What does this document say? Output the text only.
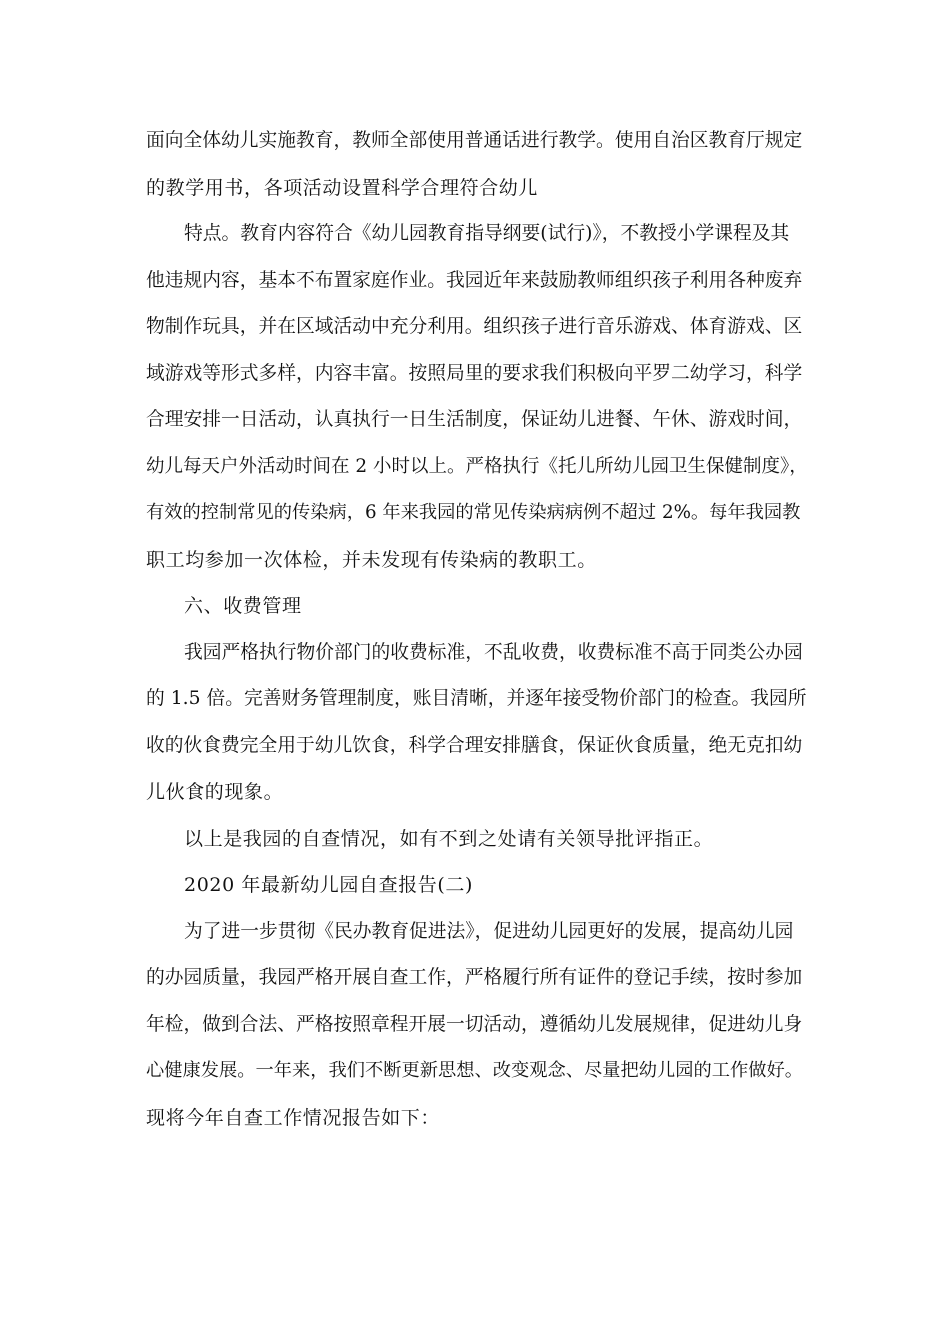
面向全体幼儿实施教育，教师全部使用普通话进行教学。使用自治区教育厅规定
的教学用书，各项活动设置科学合理符合幼儿
特点。教育内容符合《幼儿园教育指导纲要(试行)》，不教授小学课程及其
他违规内容，基本不布置家庭作业。我园近年来鼓励教师组织孩子利用各种废弃
物制作玩具，并在区域活动中充分利用。组织孩子进行音乐游戏、体育游戏、区
域游戏等形式多样，内容丰富。按照局里的要求我们积极向平罗二幼学习，科学
合理安排一日活动，认真执行一日生活制度，保证幼儿进餐、午休、游戏时间，
幼儿每天户外活动时间在 2 小时以上。严格执行《托儿所幼儿园卫生保健制度》，
有效的控制常见的传染病，6 年来我园的常见传染病病例不超过 2%。每年我园教
职工均参加一次体检，并未发现有传染病的教职工。
六、收费管理
我园严格执行物价部门的收费标准，不乱收费，收费标准不高于同类公办园
的 1.5 倍。完善财务管理制度，账目清晰，并逐年接受物价部门的检查。我园所
收的伙食费完全用于幼儿饮食，科学合理安排膳食，保证伙食质量，绝无克扣幼
儿伙食的现象。
以上是我园的自查情况，如有不到之处请有关领导批评指正。
2020 年最新幼儿园自查报告(二)
为了进一步贯彻《民办教育促进法》，促进幼儿园更好的发展，提高幼儿园
的办园质量，我园严格开展自查工作，严格履行所有证件的登记手续，按时参加
年检，做到合法、严格按照章程开展一切活动，遵循幼儿发展规律，促进幼儿身
心健康发展。一年来，我们不断更新思想、改变观念、尽量把幼儿园的工作做好。
现将今年自查工作情况报告如下：
